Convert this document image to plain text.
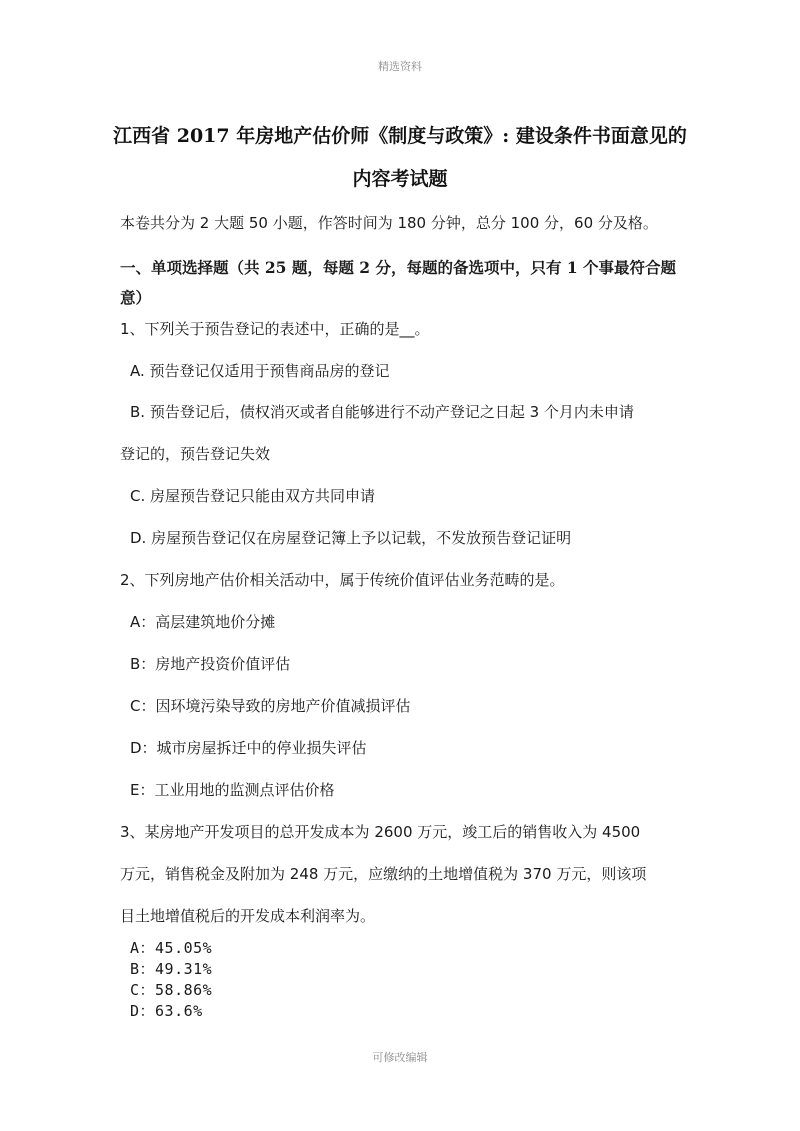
精选资料
江西省 2017 年房地产估价师《制度与政策》: 建设条件书面意见的
内容考试题
本卷共分为 2 大题 50 小题，作答时间为 180 分钟，总分 100 分，60 分及格。
一、单项选择题（共 25 题，每题 2 分，每题的备选项中，只有 1 个事最符合题
意）
1、下列关于预告登记的表述中，正确的是__。
A. 预告登记仅适用于预售商品房的登记
B. 预告登记后，债权消灭或者自能够进行不动产登记之日起 3 个月内未申请
登记的，预告登记失效
C. 房屋预告登记只能由双方共同申请
D. 房屋预告登记仅在房屋登记簿上予以记载，不发放预告登记证明
2、下列房地产估价相关活动中，属于传统价值评估业务范畴的是。
A：高层建筑地价分摊
B：房地产投资价值评估
C：因环境污染导致的房地产价值减损评估
D：城市房屋拆迁中的停业损失评估
E：工业用地的监测点评估价格
3、某房地产开发项目的总开发成本为 2600 万元，竣工后的销售收入为 4500
万元，销售税金及附加为 248 万元，应缴纳的土地增值税为 370 万元，则该项
目土地增值税后的开发成本利润率为。
A：45.05%
B：49.31%
C：58.86%
D：63.6%
可修改编辑
